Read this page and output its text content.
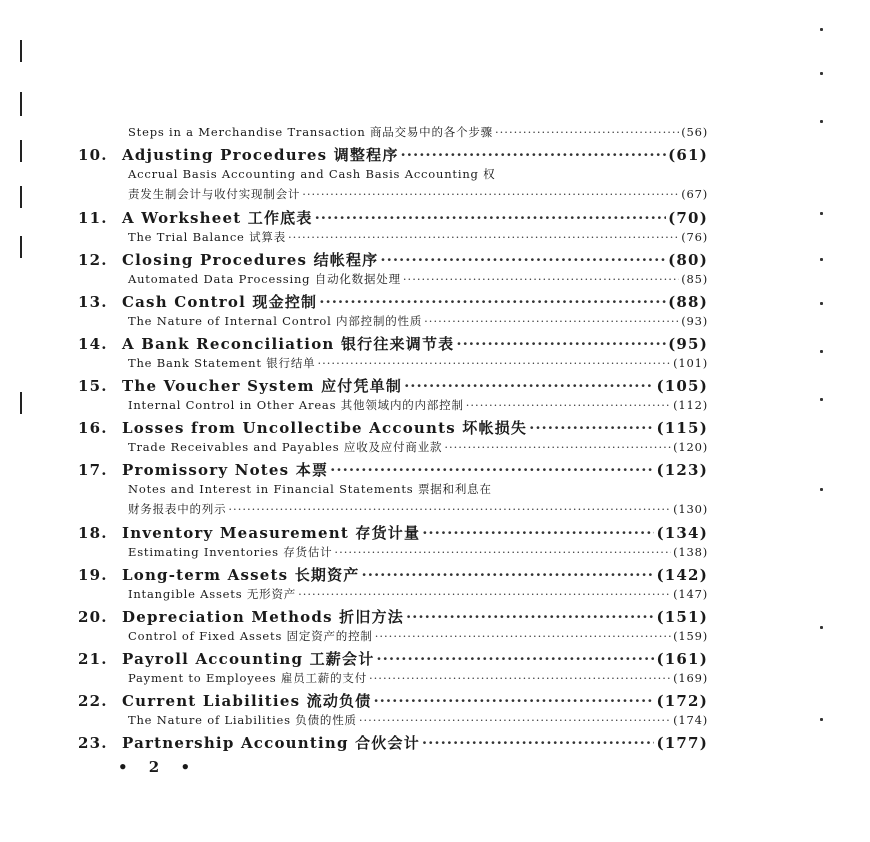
Steps in a Merchandise Transaction 商品交易中的各个步骤 ·····	(56)
10. Adjusting Procedures 调整程序 ·····	(61)
Accrual Basis Accounting and Cash Basis Accounting 权
责发生制会计与收付实现制会计 ·····	(67)
11. A Worksheet 工作底表 ·····	(70)
The Trial Balance 试算表 ·····	(76)
12. Closing Procedures 结帐程序 ·····	(80)
Automated Data Processing 自动化数据处理 ·····	(85)
13. Cash Control 现金控制 ·····	(88)
The Nature of Internal Control 内部控制的性质 ·····	(93)
14. A Bank Reconciliation 银行往来调节表 ·····	(95)
The Bank Statement 银行结单 ·····	(101)
15. The Voucher System 应付凭单制 ·····	(105)
Internal Control in Other Areas 其他领域内的内部控制 ·····	(112)
16. Losses from Uncollectibe Accounts 坏帐损失 ·····	(115)
Trade Receivables and Payables 应收及应付商业款 ·····	(120)
17. Promissory Notes 本票 ·····	(123)
Notes and Interest in Financial Statements 票据和利息在
财务报表中的列示 ·····	(130)
18. Inventory Measurement 存货计量 ·····	(134)
Estimating Inventories 存货估计 ·····	(138)
19. Long-term Assets 长期资产 ·····	(142)
Intangible Assets 无形资产 ·····	(147)
20. Depreciation Methods 折旧方法 ·····	(151)
Control of Fixed Assets 固定资产的控制 ·····	(159)
21. Payroll Accounting 工薪会计 ·····	(161)
Payment to Employees 雇员工薪的支付 ·····	(169)
22. Current Liabilities 流动负债 ·····	(172)
The Nature of Liabilities 负债的性质 ·····	(174)
23. Partnership Accounting 合伙会计 ·····	(177)
• 2 •
